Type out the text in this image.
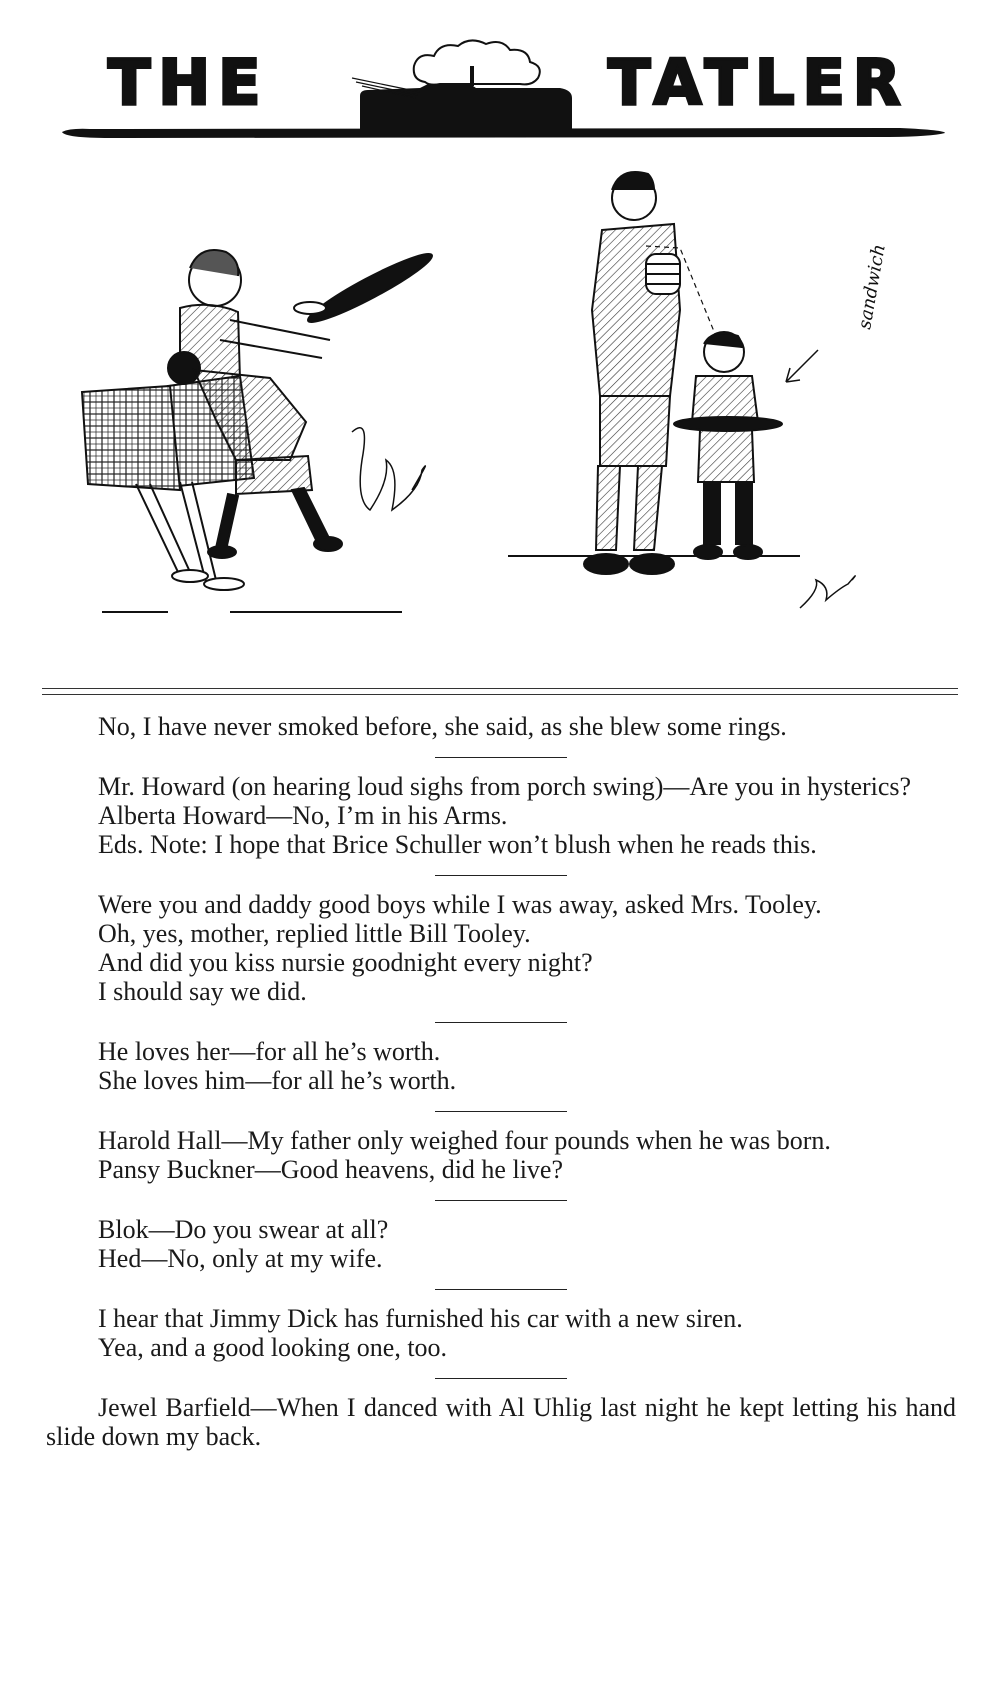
THE	TATLER
sandwich

No, I have never smoked before, she said, as she blew some rings.

Mr. Howard (on hearing loud sighs from porch swing)—Are you in hysterics?

Alberta Howard—No, I’m in his Arms.

Eds. Note: I hope that Brice Schuller won’t blush when he reads this.

Were you and daddy good boys while I was away, asked Mrs. Tooley.

Oh, yes, mother, replied little Bill Tooley.

And did you kiss nursie goodnight every night?

I should say we did.

He loves her—for all he’s worth.

She loves him—for all he’s worth.

Harold Hall—My father only weighed four pounds when he was born.

Pansy Buckner—Good heavens, did he live?

Blok—Do you swear at all?

Hed—No, only at my wife.

I hear that Jimmy Dick has furnished his car with a new siren.

Yea, and a good looking one, too.

Jewel Barfield—When I danced with Al Uhlig last night he kept letting his hand slide down my back.
